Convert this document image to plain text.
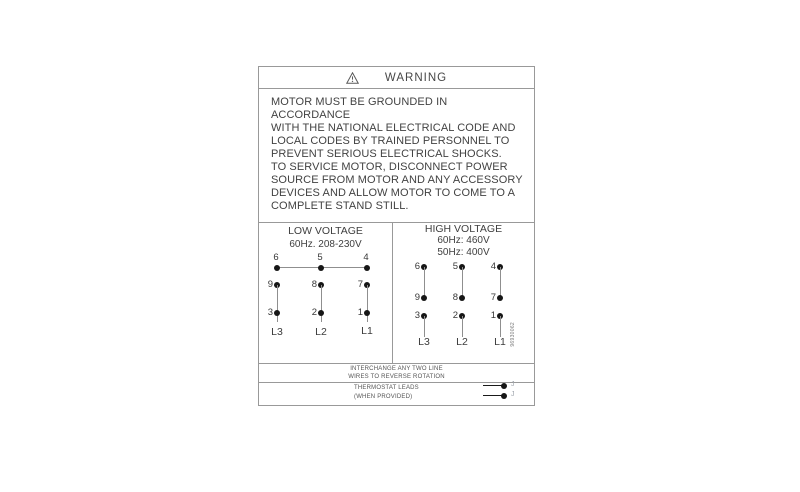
WARNING
MOTOR MUST BE GROUNDED IN ACCORDANCE
WITH THE NATIONAL ELECTRICAL CODE AND
LOCAL CODES BY TRAINED PERSONNEL TO
PREVENT SERIOUS ELECTRICAL SHOCKS.
TO SERVICE MOTOR, DISCONNECT POWER
SOURCE FROM MOTOR AND ANY ACCESSORY
DEVICES AND ALLOW MOTOR TO COME TO A
COMPLETE STAND STILL.
LOW VOLTAGE
60Hz. 208-230V
6
9
3
L3
5
8
2
L2
4
7
1
L1
HIGH VOLTAGE
60Hz: 460V
50Hz: 400V
6
9
3
L3
5
8
2
L2
4
7
1
L1 96930062
INTERCHANGE ANY TWO LINE
WIRES TO REVERSE ROTATION
THERMOSTAT LEADS
(WHEN PROVIDED)
J
J
